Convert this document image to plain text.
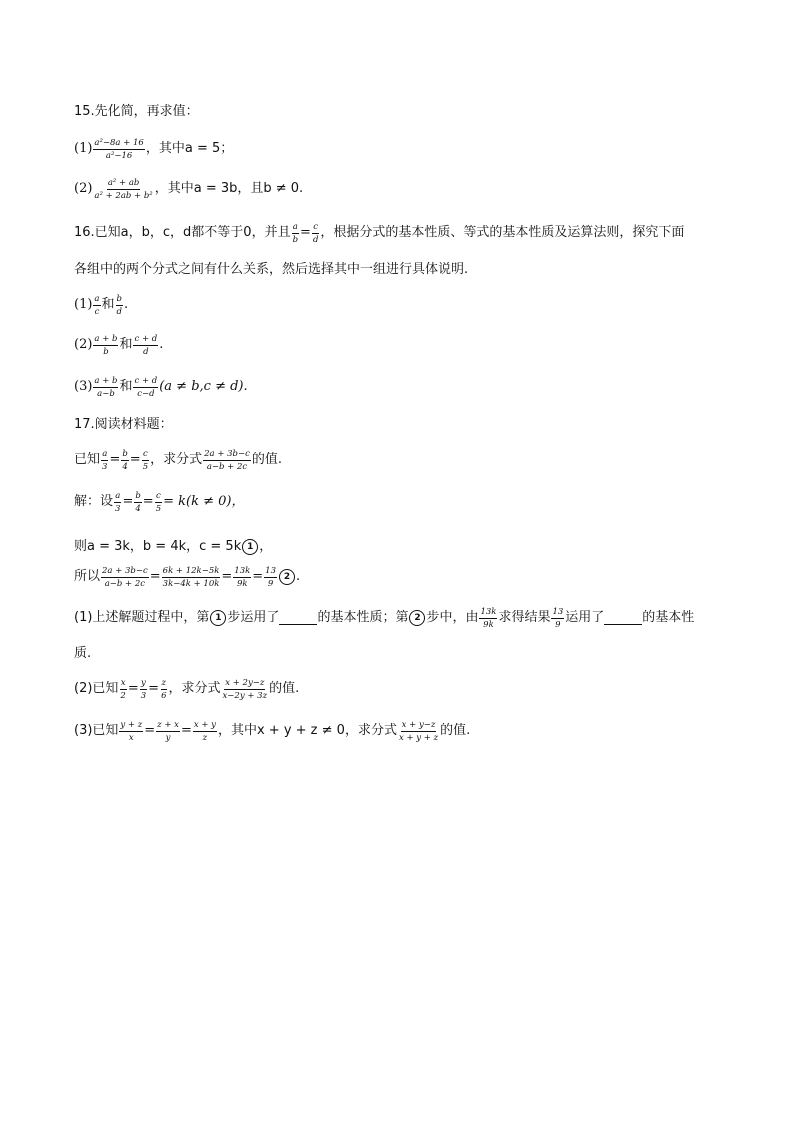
15.先化简，再求值：
$(1) \frac{\text{a²−8a + 16}}{\text{a²−16}}$ ，其中a = 5；
$(2) \frac{\text{a² + ab}}{\text{a² + 2ab + b²}}$ ，其中a = 3b，且b ≠ 0.
16.已知a，b，c，d都不等于0，并且 $\frac{a}{b} = \frac{c}{d}$ ，根据分式的基本性质、等式的基本性质及运算法则，探究下面
各组中的两个分式之间有什么关系，然后选择其中一组进行具体说明.
$(1) \frac{a}{c}$ 和 $\frac{b}{d}$ .
$(2) \frac{a + b}{b}$ 和 $\frac{c + d}{d}$ .
$(3) \frac{a + b}{a-b}$ 和 $\frac{c + d}{c-d} (a \ne b,c \ne d)$.
17.阅读材料题：
已知 $\frac{a}{3} = \frac{b}{4} = \frac{c}{5}$ ，求分式 $\frac{2a + 3b-c}{a-b + 2c}$ 的值.
解：设 $\frac{a}{3} = \frac{b}{4} = \frac{c}{5} = k(k \ne 0)$，
则a = 3k，b = 4k，c = 5k 1 ，
所以 $\frac{2a + 3b-c}{a-b + 2c} = \frac{6k + 12k-5k}{3k-4k + 10k} = \frac{13k}{9k} = \frac{13}{9} 2$ .
(1)上述解题过程中，第 1 步运用了	的基本性质；第 2 步中，由 $\frac{13k}{9k}$ 求得结果 $\frac{13}{9}$ 运用了	的基本性
质.
(2)已知 $\frac{x}{2} = \frac{y}{3} = \frac{z}{6}$ ，求分式 $\frac{x + 2y-z}{x-2y + 3z}$ 的值.
(3)已知 $\frac{y + z}{x} = \frac{z + x}{y} = \frac{x + y}{z}$ ，其中x + y + z ≠ 0，求分式 $\frac{x + y-z}{x + y + z}$ 的值.
